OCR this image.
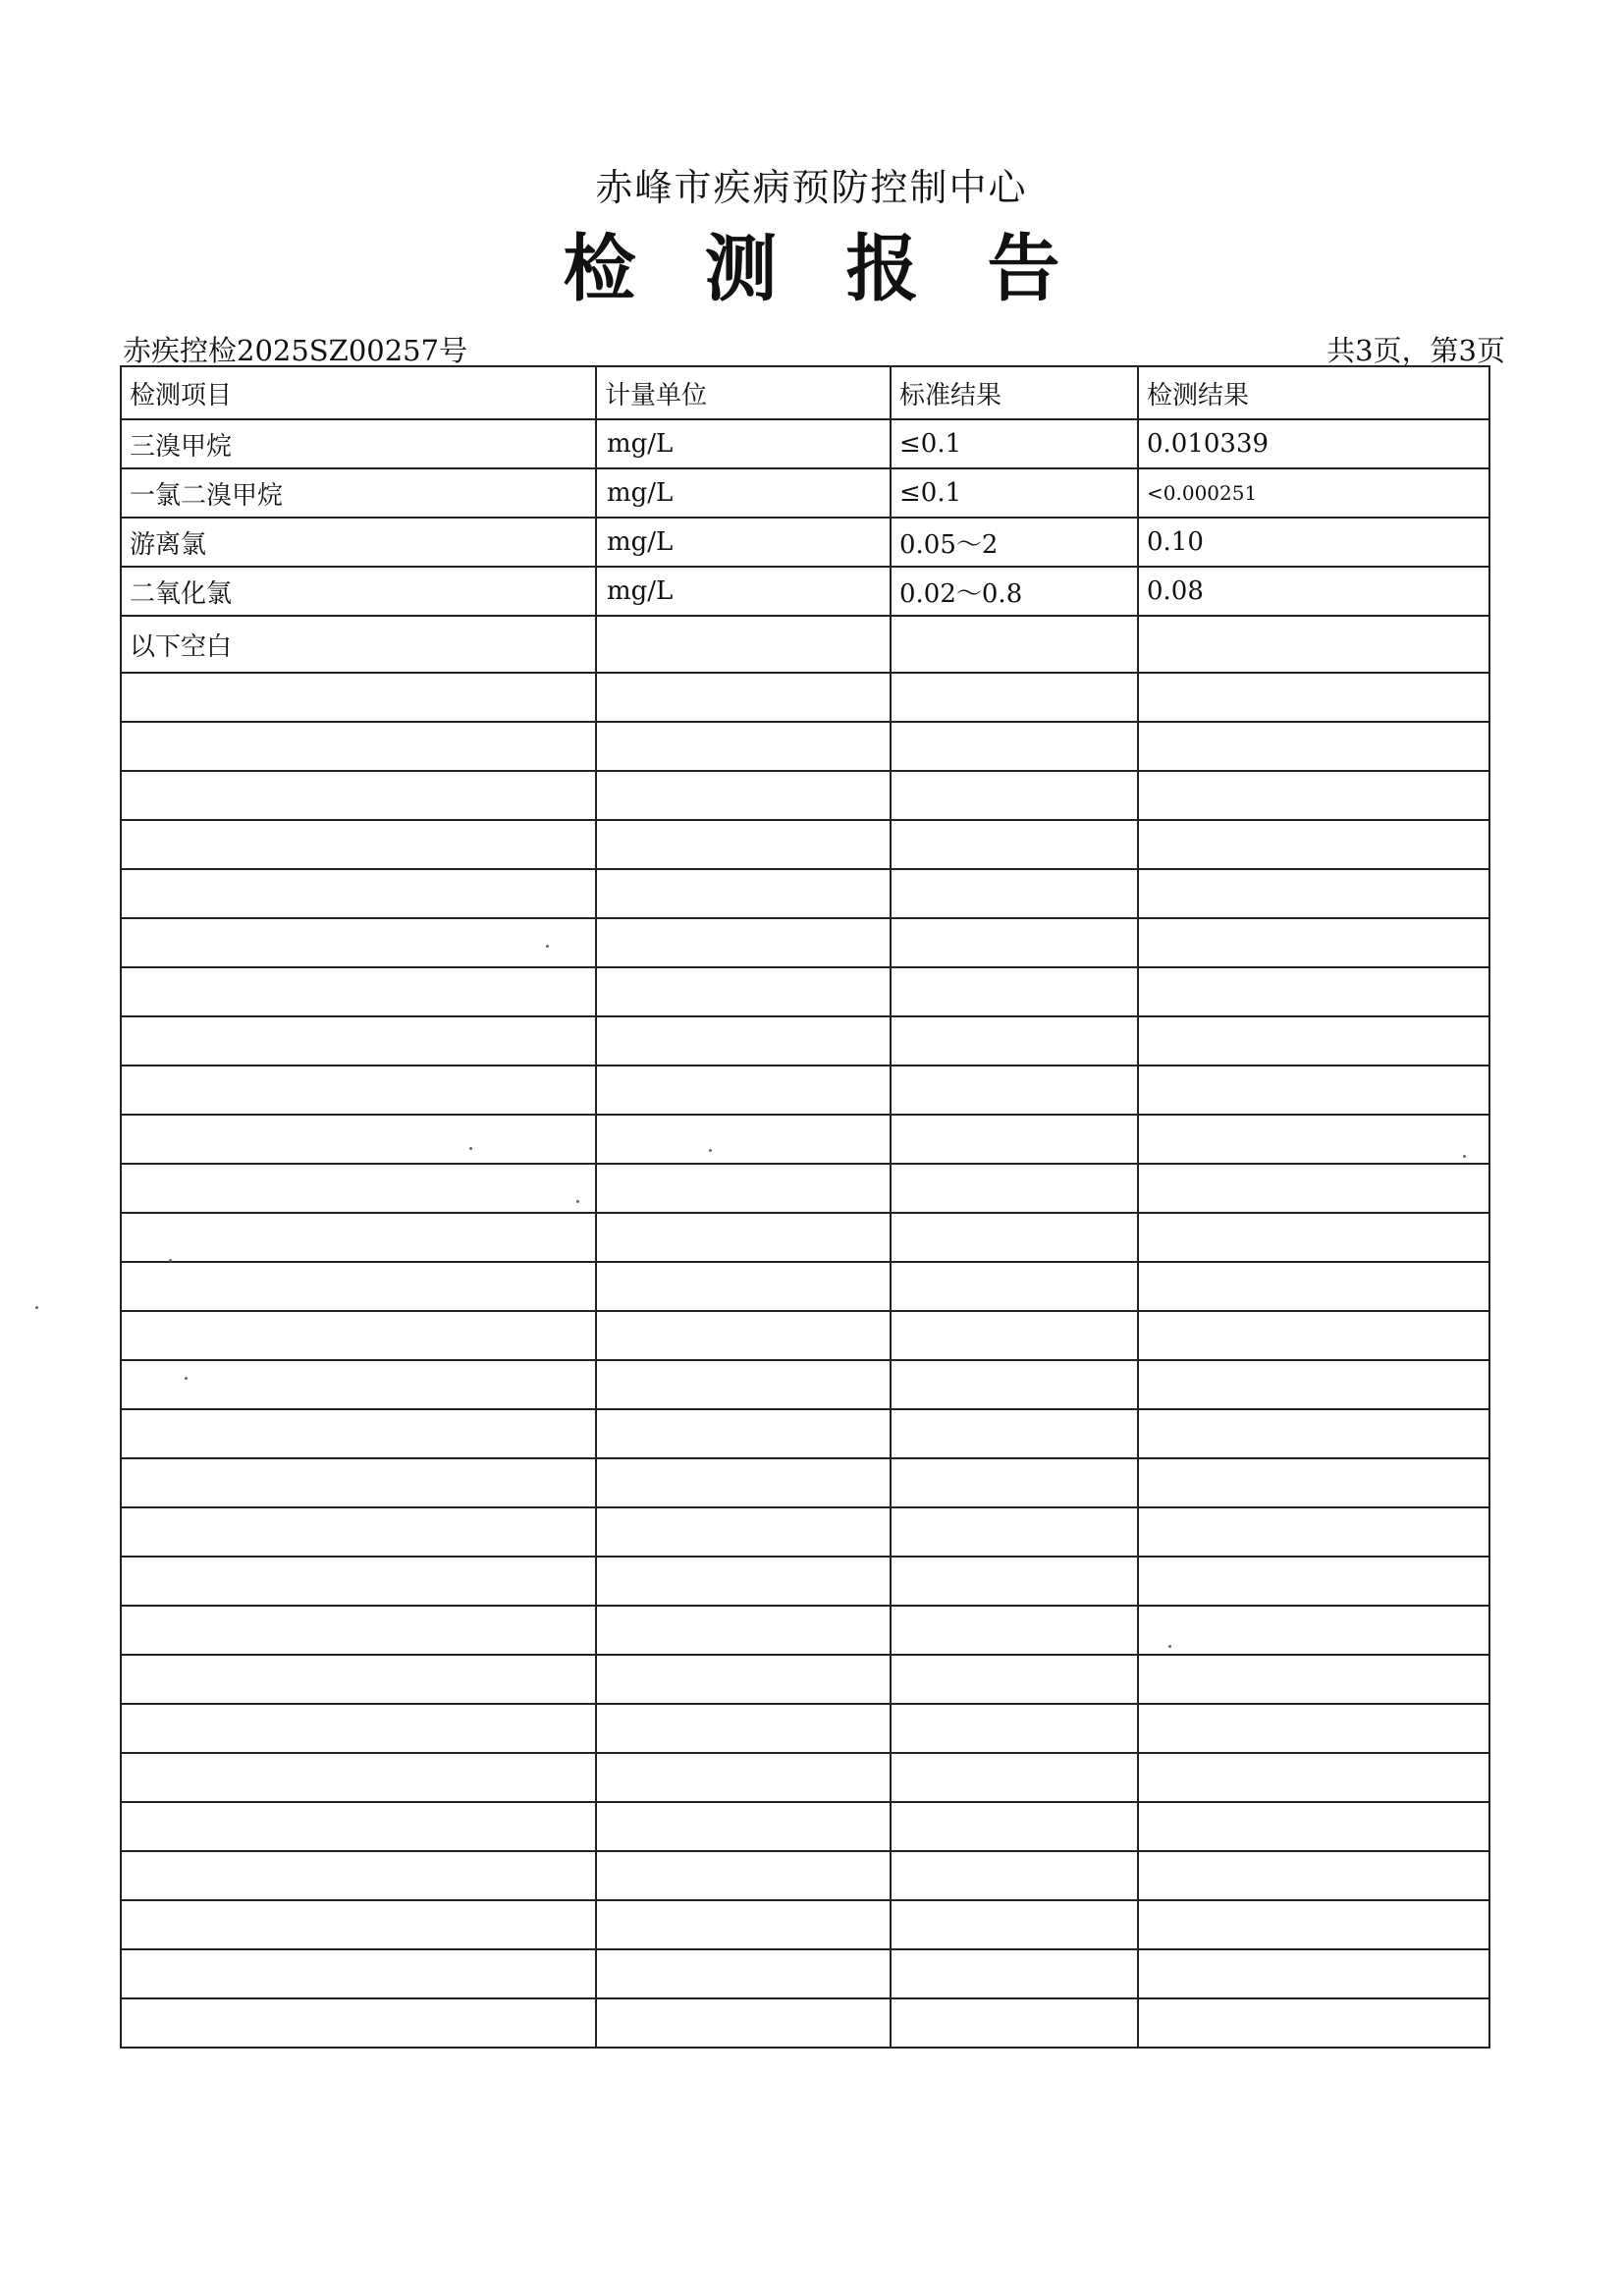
赤峰市疾病预防控制中心
检测报告
赤疾控检2025SZ00257号	共3页，第3页
检测项目	计量单位	标准结果	检测结果
三溴甲烷	mg/L	≤0.1	0.010339
一氯二溴甲烷	mg/L	≤0.1	<0.000251
游离氯	mg/L	0.05～2	0.10
二氧化氯	mg/L	0.02～0.8	0.08
以下空白			
